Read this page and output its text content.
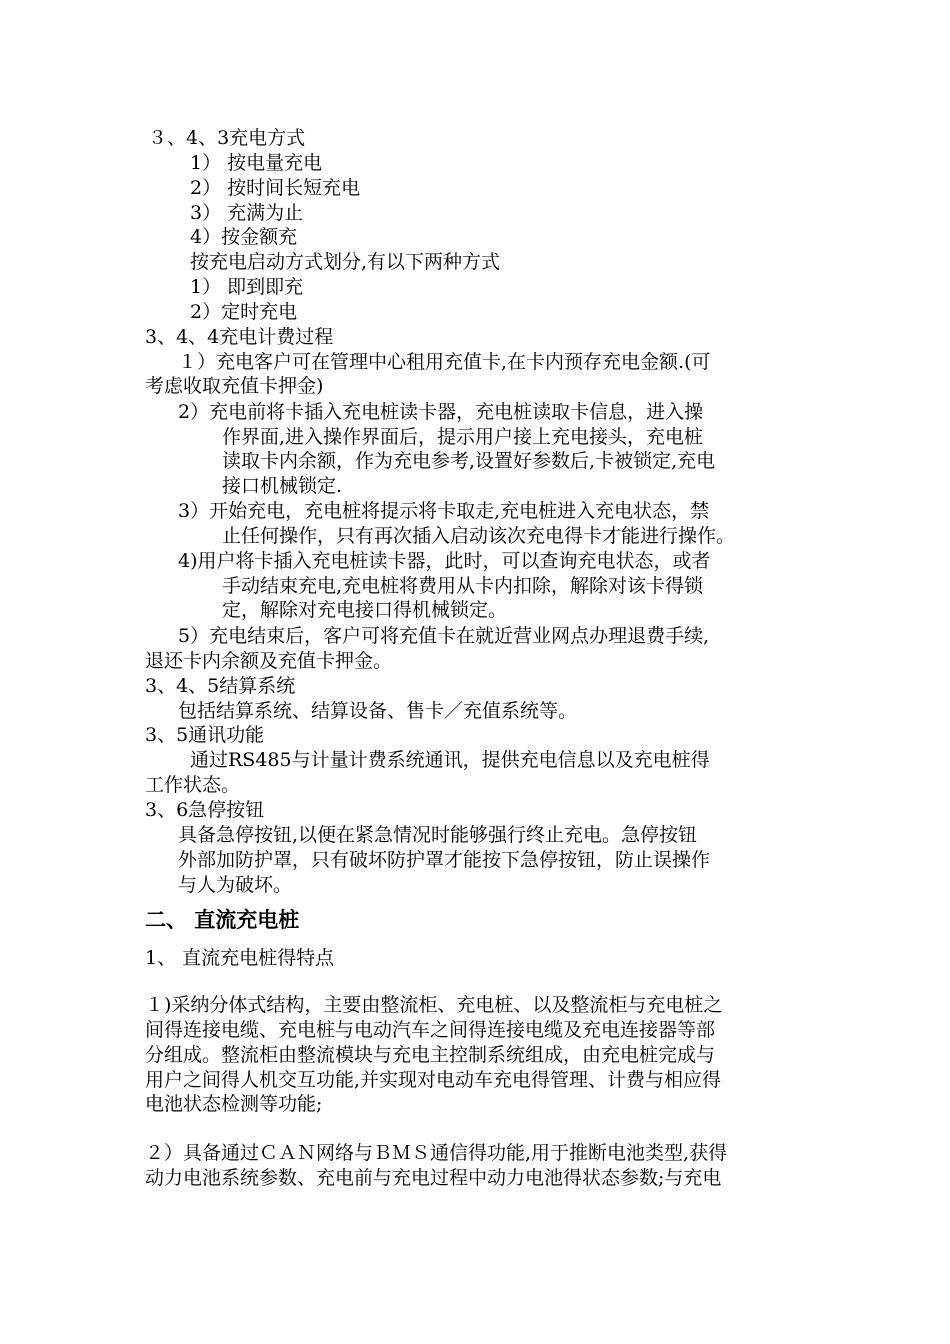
３、4、3充电方式
1） 按电量充电
2） 按时间长短充电
3） 充满为止
4）按金额充
按充电启动方式划分,有以下两种方式
1） 即到即充
2）定时充电
3、4、4充电计费过程
１）充电客户可在管理中心租用充值卡,在卡内预存充电金额.(可
考虑收取充值卡押金)
2）充电前将卡插入充电桩读卡器，充电桩读取卡信息，进入操
作界面,进入操作界面后，提示用户接上充电接头，充电桩
读取卡内余额，作为充电参考,设置好参数后,卡被锁定,充电
接口机械锁定.
3）开始充电，充电桩将提示将卡取走,充电桩进入充电状态，禁
止任何操作，只有再次插入启动该次充电得卡才能进行操作。
4)用户将卡插入充电桩读卡器，此时，可以查询充电状态，或者
手动结束充电,充电桩将费用从卡内扣除，解除对该卡得锁
定，解除对充电接口得机械锁定。
5）充电结束后，客户可将充值卡在就近营业网点办理退费手续,
退还卡内余额及充值卡押金。
3、4、5结算系统
包括结算系统、结算设备、售卡／充值系统等。
3、5通讯功能
通过RS485与计量计费系统通讯，提供充电信息以及充电桩得
工作状态。
3、6急停按钮
具备急停按钮,以便在紧急情况时能够强行终止充电。急停按钮
外部加防护罩，只有破坏防护罩才能按下急停按钮，防止误操作
与人为破坏。
二、 直流充电桩
1、 直流充电桩得特点
１)采纳分体式结构，主要由整流柜、充电桩、以及整流柜与充电桩之
间得连接电缆、充电桩与电动汽车之间得连接电缆及充电连接器等部
分组成。整流柜由整流模块与充电主控制系统组成，由充电桩完成与
用户之间得人机交互功能,并实现对电动车充电得管理、计费与相应得
电池状态检测等功能;
２）具备通过ＣＡＮ网络与ＢＭＳ通信得功能,用于推断电池类型,获得
动力电池系统参数、充电前与充电过程中动力电池得状态参数;与充电
